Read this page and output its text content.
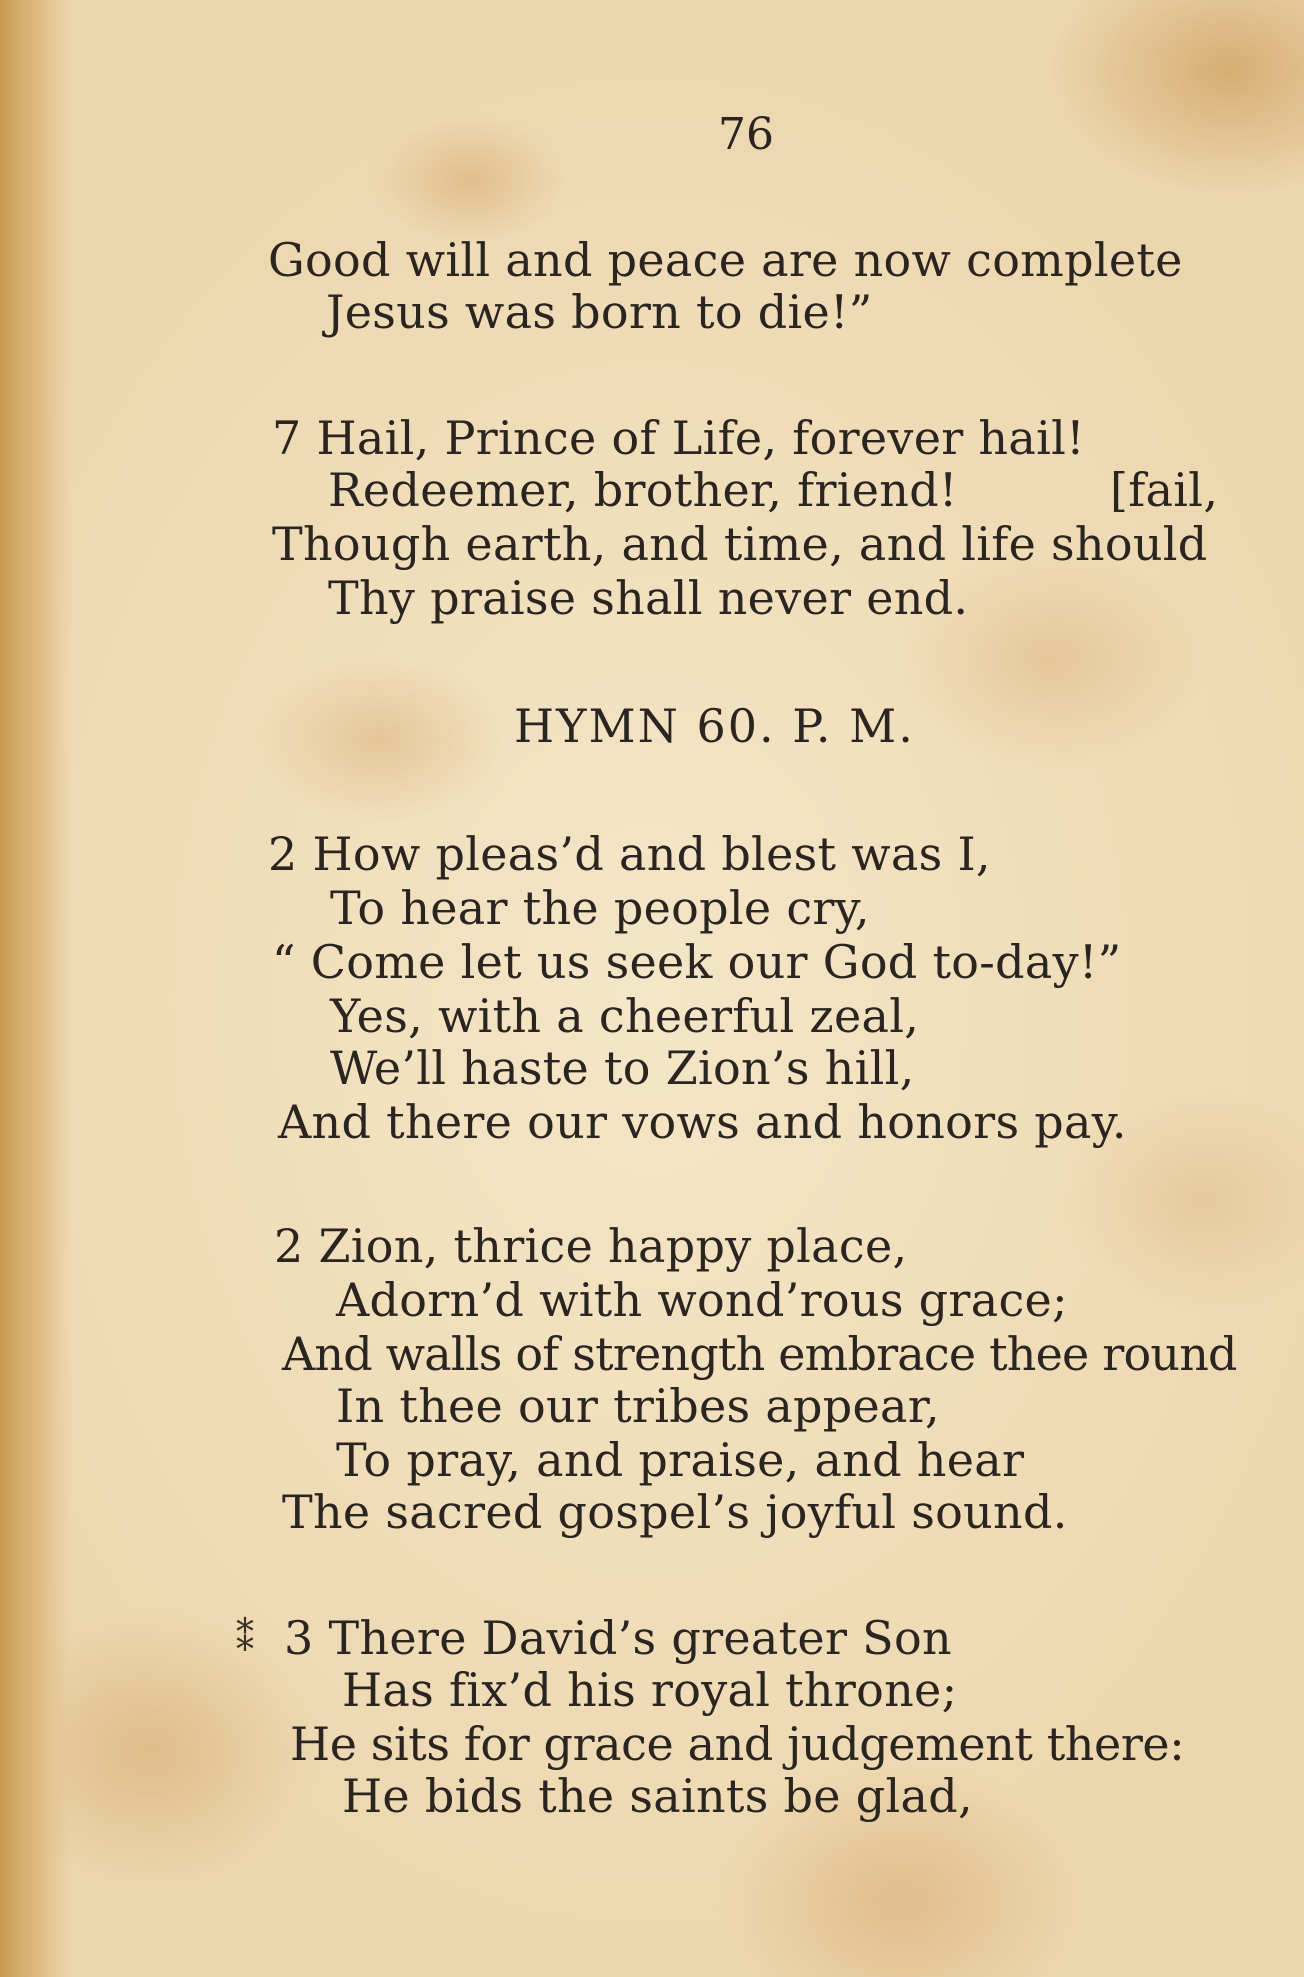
76

Good will and peace are now complete

Jesus was born to die!”

7 Hail, Prince of Life, forever hail!

Redeemer, brother, friend!	[fail,

Though earth, and time, and life should

Thy praise shall never end.

HYMN 60. P. M.

2 How pleas’d and blest was I,

To hear the people cry,

“ Come let us seek our God to-day!”

Yes, with a cheerful zeal,

We’ll haste to Zion’s hill,

And there our vows and honors pay.

2 Zion, thrice happy place,

Adorn’d with wond’rous grace;

And walls of strength embrace thee round

In thee our tribes appear,

To pray, and praise, and hear

The sacred gospel’s joyful sound.

⁑ 3 There David’s greater Son

Has fix’d his royal throne;

He sits for grace and judgement there:

He bids the saints be glad,
